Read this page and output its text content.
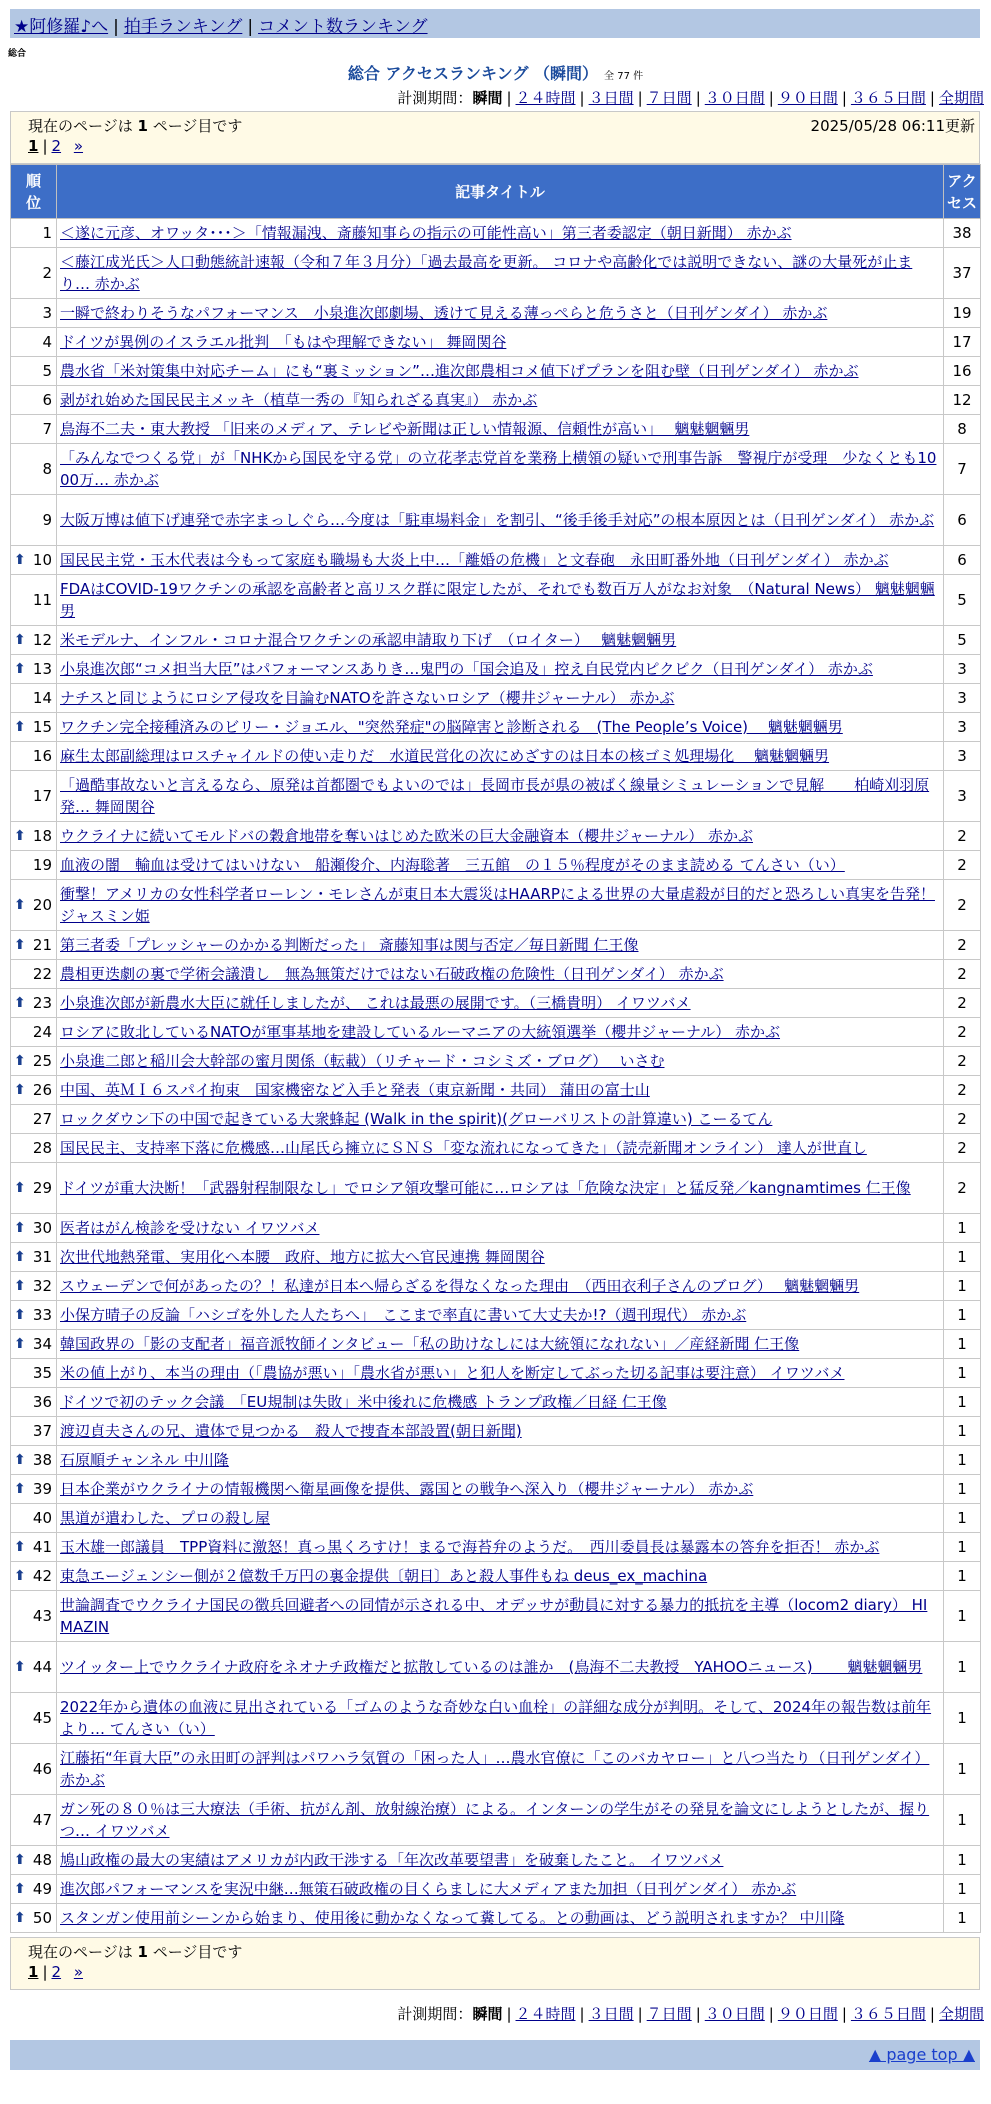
★阿修羅♪へ | 拍手ランキング | コメント数ランキング
総合
総合 アクセスランキング （瞬間） 全 77 件
計測期間：瞬間 | ２４時間 | ３日間 | ７日間 | ３０日間 | ９０日間 | ３６５日間 | 全期間
現在のページは 1 ページ目です	2025/05/28 06:11更新
1 | 2 »
順
位	記事タイトル	アク
セス
1	＜遂に元彦、オワッタ･･･＞「情報漏洩、斎藤知事らの指示の可能性高い」第三者委認定（朝日新聞） 赤かぶ	38
2	＜藤江成光氏＞人口動態統計速報（令和７年３月分）「過去最高を更新。 コロナや高齢化では説明できない、謎の大量死が止まり… 赤かぶ	37
3	一瞬で終わりそうなパフォーマンス　小泉進次郎劇場、透けて見える薄っぺらと危うさと（日刊ゲンダイ） 赤かぶ	19
4	ドイツが異例のイスラエル批判　「もはや理解できない」 舞岡関谷	17
5	農水省「米対策集中対応チーム」にも“裏ミッション”…進次郎農相コメ値下げプランを阻む壁（日刊ゲンダイ） 赤かぶ	16
6	剥がれ始めた国民民主メッキ（植草一秀の『知られざる真実』） 赤かぶ	12
7	鳥海不二夫・東大教授 「旧来のメディア、テレビや新聞は正しい情報源、信頼性が高い」　 魑魅魍魎男	8
8	「みんなでつくる党」が「NHKから国民を守る党」の立花孝志党首を業務上横領の疑いで刑事告訴　警視庁が受理　少なくとも1000万… 赤かぶ	7
9	大阪万博は値下げ連発で赤字まっしぐら…今度は「駐車場料金」を割引、“後手後手対応”の根本原因とは（日刊ゲンダイ） 赤かぶ	6

⬆ 10	国民民主党・玉木代表は今もって家庭も職場も大炎上中…「離婚の危機」と文春砲　永田町番外地（日刊ゲンダイ） 赤かぶ	6
11	FDAはCOVID-19ワクチンの承認を高齢者と高リスク群に限定したが、それでも数百万人がなお対象　（Natural News） 魑魅魍魎男	5

⬆ 12	米モデルナ、インフル・コロナ混合ワクチンの承認申請取り下げ　（ロイター）　 魑魅魍魎男	5

⬆ 13	小泉進次郎“コメ担当大臣”はパフォーマンスありき…鬼門の「国会追及」控え自民党内ピクピク（日刊ゲンダイ） 赤かぶ	3
14	ナチスと同じようにロシア侵攻を目論むNATOを許さないロシア（櫻井ジャーナル） 赤かぶ	3

⬆ 15	ワクチン完全接種済みのビリー・ジョエル、"突然発症"の脳障害と診断される　(The People’s Voice)　 魑魅魍魎男	3
16	麻生太郎副総理はロスチャイルドの使い走りだ　水道民営化の次にめざすのは日本の核ゴミ処理場化　 魑魅魍魎男	3
17	「過酷事故ないと言えるなら、原発は首都圏でもよいのでは」長岡市長が県の被ばく線量シミュレーションで見解　　柏崎刈羽原発… 舞岡関谷	3

⬆ 18	ウクライナに続いてモルドバの穀倉地帯を奪いはじめた欧米の巨大金融資本（櫻井ジャーナル） 赤かぶ	2
19	血液の闇　輸血は受けてはいけない　船瀬俊介、内海聡著　三五館　の１５％程度がそのまま読める てんさい（い）	2

⬆ 20	衝撃！アメリカの女性科学者ローレン・モレさんが東日本大震災はHAARPによる世界の大量虐殺が目的だと恐ろしい真実を告発！ ジャスミン姫	2

⬆ 21	第三者委「プレッシャーのかかる判断だった」 斎藤知事は関与否定／毎日新聞 仁王像	2
22	農相更迭劇の裏で学術会議潰し　無為無策だけではない石破政権の危険性（日刊ゲンダイ） 赤かぶ	2

⬆ 23	小泉進次郎が新農水大臣に就任しましたが、 これは最悪の展開です。（三橋貴明） イワツバメ	2
24	ロシアに敗北しているNATOが軍事基地を建設しているルーマニアの大統領選挙（櫻井ジャーナル） 赤かぶ	2

⬆ 25	小泉進二郎と稲川会大幹部の蜜月関係（転載）（リチャード・コシミズ・ブログ）　 いさむ	2

⬆ 26	中国、英ＭＩ６スパイ拘束　国家機密など入手と発表（東京新聞・共同） 蒲田の富士山	2
27	ロックダウン下の中国で起きている大衆蜂起 (Walk in the spirit)(グローバリストの計算違い) こーるてん	2
28	国民民主、支持率下落に危機感…山尾氏ら擁立にＳＮＳ「変な流れになってきた」（読売新聞オンライン） 達人が世直し	2

⬆ 29	ドイツが重大決断！「武器射程制限なし」でロシア領攻撃可能に…ロシアは「危険な決定」と猛反発／kangnamtimes 仁王像	2

⬆ 30	医者はがん検診を受けない イワツバメ	1

⬆ 31	次世代地熱発電、実用化へ本腰　政府、地方に拡大へ官民連携 舞岡関谷	1

⬆ 32	スウェーデンで何があったの？！私達が日本へ帰らざるを得なくなった理由　（西田衣利子さんのブログ）　 魑魅魍魎男	1

⬆ 33	小保方晴子の反論「ハシゴを外した人たちへ」　ここまで率直に書いて大丈夫か!?（週刊現代） 赤かぶ	1

⬆ 34	韓国政界の「影の支配者」福音派牧師インタビュー「私の助けなしには大統領になれない」／産経新聞 仁王像	1
35	米の値上がり、本当の理由（「農協が悪い」「農水省が悪い」と犯人を断定してぶった切る記事は要注意） イワツバメ	1
36	ドイツで初のテック会議　「EU規制は失敗」米中後れに危機感 トランプ政権／日経 仁王像	1
37	渡辺貞夫さんの兄、遺体で見つかる　殺人で捜査本部設置(朝日新聞)	1

⬆ 38	石原順チャンネル 中川隆	1

⬆ 39	日本企業がウクライナの情報機関へ衛星画像を提供、露国との戦争へ深入り（櫻井ジャーナル） 赤かぶ	1
40	黒道が遣わした、プロの殺し屋	1

⬆ 41	玉木雄一郎議員　TPP資料に激怒！真っ黒くろすけ！まるで海苔弁のようだ。　西川委員長は暴露本の答弁を拒否！ 赤かぶ	1

⬆ 42	東急エージェンシー側が２億数千万円の裏金提供〔朝日〕あと殺人事件もね deus_ex_machina	1
43	世論調査でウクライナ国民の徴兵回避者への同情が示される中、オデッサが動員に対する暴力的抵抗を主導（locom2 diary） HIMAZIN	1

⬆ 44	ツイッター上でウクライナ政府をネオナチ政権だと拡散しているのは誰か　(鳥海不二夫教授　YAHOOニュース)　　 魑魅魍魎男	1
45	2022年から遺体の血液に見出されている「ゴムのような奇妙な白い血栓」の詳細な成分が判明。そして、2024年の報告数は前年より… てんさい（い）	1
46	江藤拓“年貢大臣”の永田町の評判はパワハラ気質の「困った人」…農水官僚に「このバカヤロー」と八つ当たり（日刊ゲンダイ） 赤かぶ	1
47	ガン死の８０％は三大療法（手術、抗がん剤、放射線治療）による。インターンの学生がその発見を論文にしようとしたが、握りつ… イワツバメ	1

⬆ 48	鳩山政権の最大の実績はアメリカが内政干渉する「年次改革要望書」を破棄したこと。 イワツバメ	1

⬆ 49	進次郎パフォーマンスを実況中継…無策石破政権の目くらましに大メディアまた加担（日刊ゲンダイ） 赤かぶ	1

⬆ 50	スタンガン使用前シーンから始まり、使用後に動かなくなって糞してる。との動画は、どう説明されますか？ 中川隆	1
現在のページは 1 ページ目です
1 | 2 »
計測期間：瞬間 | ２４時間 | ３日間 | ７日間 | ３０日間 | ９０日間 | ３６５日間 | 全期間
▲ page top ▲
